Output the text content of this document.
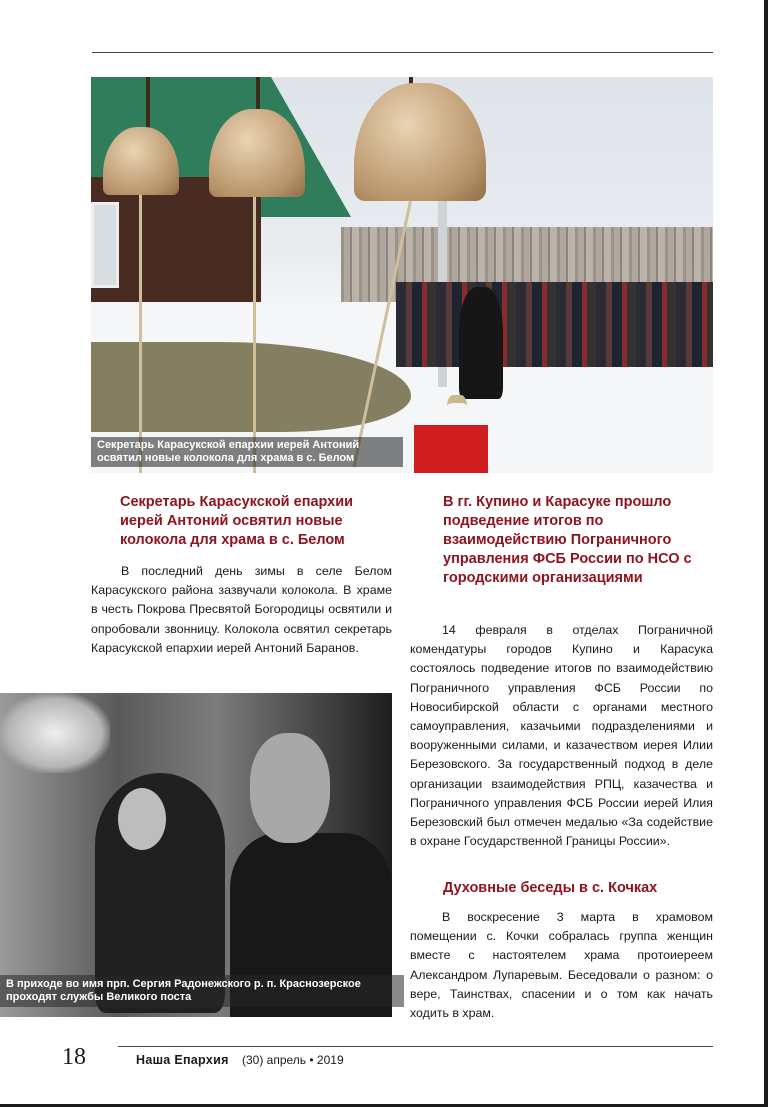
Секретарь Карасукской епархии иерей Антоний освятил новые колокола для храма в с. Белом
Секретарь Карасукской епархии иерей Антоний освятил новые колокола для храма в с. Белом
В последний день зимы в селе Белом Карасукского района зазвучали колокола. В храме в честь Покрова Пресвятой Богородицы освятили и опробовали звонницу. Колокола освятил секретарь Карасукской епархии иерей Антоний Баранов.
В гг. Купино и Карасуке прошло подведение итогов по взаимодействию Пограничного управления ФСБ России по НСО с городскими организациями
14 февраля в отделах Пограничной комендатуры городов Купино и Карасука состоялось подведение итогов по взаимодействию Пограничного управления ФСБ России по Новосибирской области с органами местного самоуправления, казачьими подразделениями и вооруженными силами, и казачеством иерея Илии Березовского. За государственный подход в деле организации взаимодействия РПЦ, казачества и Пограничного управления ФСБ России иерей Илия Березовский был отмечен медалью «За содействие в охране Государственной Границы России».
В приходе во имя прп. Сергия Радонежского р. п. Краснозерское проходят службы Великого поста
Духовные беседы в с. Кочках
В воскресение 3 марта в храмовом помещении с. Кочки собралась группа женщин вместе с настоятелем храма протоиереем Александром Лупаревым. Беседовали о разном: о вере, Таинствах, спасении и о том как начать ходить в храм.
18	Наша Епархия (30) апрель • 2019
